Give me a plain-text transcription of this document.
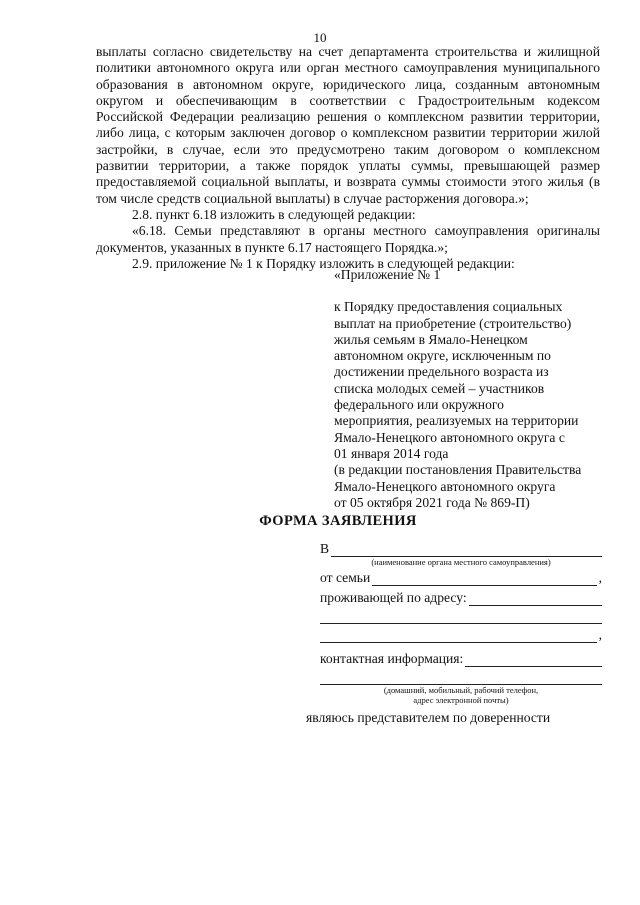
10

выплаты согласно свидетельству на счет департамента строительства и жилищной политики автономного округа или орган местного самоуправления муниципального образования в автономном округе, юридического лица, созданным автономным округом и обеспечивающим в соответствии с Градостроительным кодексом Российской Федерации реализацию решения о комплексном развитии территории, либо лица, с которым заключен договор о комплексном развитии территории жилой застройки, в случае, если это предусмотрено таким договором о комплексном развитии территории, а также порядок уплаты суммы, превышающей размер предоставляемой социальной выплаты, и возврата суммы стоимости этого жилья (в том числе средств социальной выплаты) в случае расторжения договора.»;

2.8. пункт 6.18 изложить в следующей редакции:

«6.18. Семьи представляют в органы местного самоуправления оригиналы документов, указанных в пункте 6.17 настоящего Порядка.»;

2.9. приложение № 1 к Порядку изложить в следующей редакции:

«Приложение № 1
к Порядку предоставления социальных
выплат на приобретение (строительство)
жилья семьям в Ямало-Ненецком
автономном округе, исключенным по
достижении предельного возраста из
списка молодых семей – участников
федерального или окружного
мероприятия, реализуемых на территории
Ямало-Ненецкого автономного округа с
01 января 2014 года
(в редакции постановления Правительства
Ямало-Ненецкого автономного округа
от 05 октября 2021 года № 869-П)
ФОРМА ЗАЯВЛЕНИЯ
В
(наименование органа местного самоуправления)
от семьи	,
проживающей по адресу:
,
контактная информация:
(домашний, мобильный, рабочий телефон,
адрес электронной почты)
являюсь представителем по доверенности
